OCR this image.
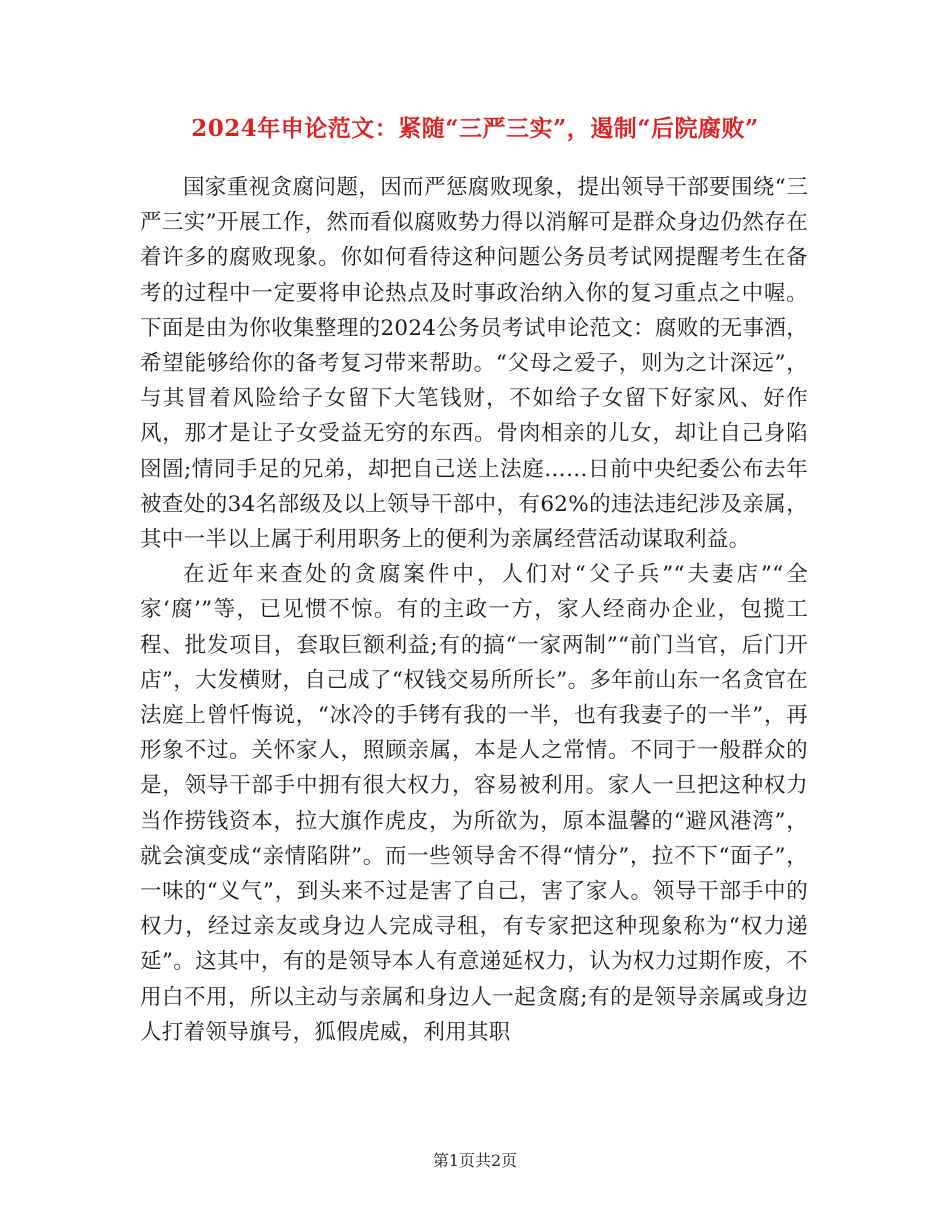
2024年申论范文：紧随“三严三实”，遏制“后院腐败”

国家重视贪腐问题，因而严惩腐败现象，提出领导干部要围绕“三严三实”开展工作，然而看似腐败势力得以消解可是群众身边仍然存在着许多的腐败现象。你如何看待这种问题公务员考试网提醒考生在备考的过程中一定要将申论热点及时事政治纳入你的复习重点之中喔。下面是由为你收集整理的2024公务员考试申论范文：腐败的无事酒，希望能够给你的备考复习带来帮助。“父母之爱子，则为之计深远”，与其冒着风险给子女留下大笔钱财，不如给子女留下好家风、好作风，那才是让子女受益无穷的东西。骨肉相亲的儿女，却让自己身陷囹圄;情同手足的兄弟，却把自己送上法庭……日前中央纪委公布去年被查处的34名部级及以上领导干部中，有62%的违法违纪涉及亲属，其中一半以上属于利用职务上的便利为亲属经营活动谋取利益。

在近年来查处的贪腐案件中，人们对“父子兵”“夫妻店”“全家‘腐’”等，已见惯不惊。有的主政一方，家人经商办企业，包揽工程、批发项目，套取巨额利益;有的搞“一家两制”“前门当官，后门开店”，大发横财，自己成了“权钱交易所所长”。多年前山东一名贪官在法庭上曾忏悔说，“冰冷的手铐有我的一半，也有我妻子的一半”，再形象不过。关怀家人，照顾亲属，本是人之常情。不同于一般群众的是，领导干部手中拥有很大权力，容易被利用。家人一旦把这种权力当作捞钱资本，拉大旗作虎皮，为所欲为，原本温馨的“避风港湾”，就会演变成“亲情陷阱”。而一些领导舍不得“情分”，拉不下“面子”，一味的“义气”，到头来不过是害了自己，害了家人。领导干部手中的权力，经过亲友或身边人完成寻租，有专家把这种现象称为“权力递延”。这其中，有的是领导本人有意递延权力，认为权力过期作废，不用白不用，所以主动与亲属和身边人一起贪腐;有的是领导亲属或身边人打着领导旗号，狐假虎威，利用其职

第1页共2页
